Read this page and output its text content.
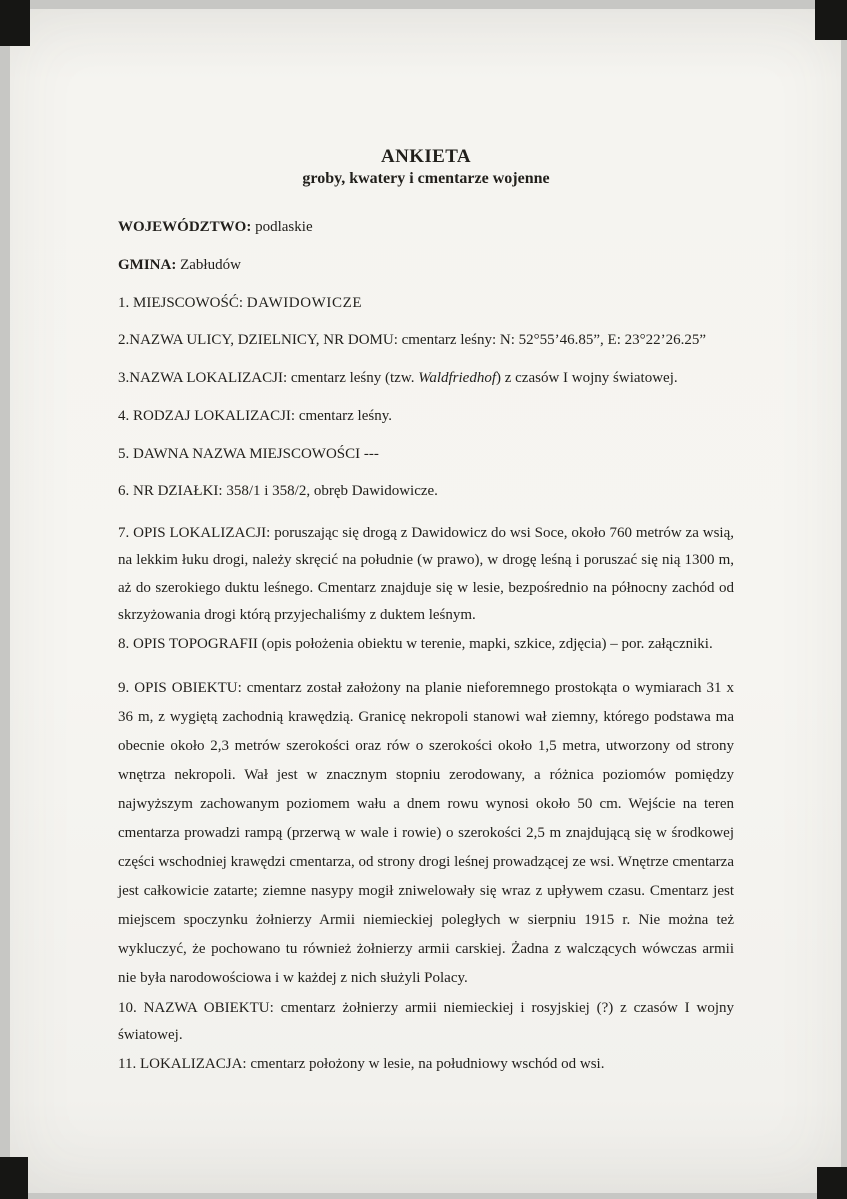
ANKIETA
groby, kwatery i cmentarze wojenne

WOJEWÓDZTWO: podlaskie

GMINA: Zabłudów

1. MIEJSCOWOŚĆ: DAWIDOWICZE

2.NAZWA ULICY, DZIELNICY, NR DOMU: cmentarz leśny: N: 52°55’46.85”, E: 23°22’26.25”

3.NAZWA LOKALIZACJI: cmentarz leśny (tzw. Waldfriedhof) z czasów I wojny światowej.

4. RODZAJ LOKALIZACJI: cmentarz leśny.

5. DAWNA NAZWA MIEJSCOWOŚCI ---

6. NR DZIAŁKI: 358/1 i 358/2, obręb Dawidowicze.

7. OPIS LOKALIZACJI: poruszając się drogą z Dawidowicz do wsi Soce, około 760 metrów za wsią, na lekkim łuku drogi, należy skręcić na południe (w prawo), w drogę leśną i poruszać się nią 1300 m, aż do szerokiego duktu leśnego. Cmentarz znajduje się w lesie, bezpośrednio na północny zachód od skrzyżowania drogi którą przyjechaliśmy z duktem leśnym.

8. OPIS TOPOGRAFII (opis położenia obiektu w terenie, mapki, szkice, zdjęcia) – por. załączniki.

9. OPIS OBIEKTU: cmentarz został założony na planie nieforemnego prostokąta o wymiarach 31 x 36 m, z wygiętą zachodnią krawędzią. Granicę nekropoli stanowi wał ziemny, którego podstawa ma obecnie około 2,3 metrów szerokości oraz rów o szerokości około 1,5 metra, utworzony od strony wnętrza nekropoli. Wał jest w znacznym stopniu zerodowany, a różnica poziomów pomiędzy najwyższym zachowanym poziomem wału a dnem rowu wynosi około 50 cm. Wejście na teren cmentarza prowadzi rampą (przerwą w wale i rowie) o szerokości 2,5 m znajdującą się w środkowej części wschodniej krawędzi cmentarza, od strony drogi leśnej prowadzącej ze wsi. Wnętrze cmentarza jest całkowicie zatarte; ziemne nasypy mogił zniwelowały się wraz z upływem czasu. Cmentarz jest miejscem spoczynku żołnierzy Armii niemieckiej poległych w sierpniu 1915 r. Nie można też wykluczyć, że pochowano tu również żołnierzy armii carskiej. Żadna z walczących wówczas armii nie była narodowościowa i w każdej z nich służyli Polacy.

10. NAZWA OBIEKTU: cmentarz żołnierzy armii niemieckiej i rosyjskiej (?) z czasów I wojny światowej.

11. LOKALIZACJA: cmentarz położony w lesie, na południowy wschód od wsi.
